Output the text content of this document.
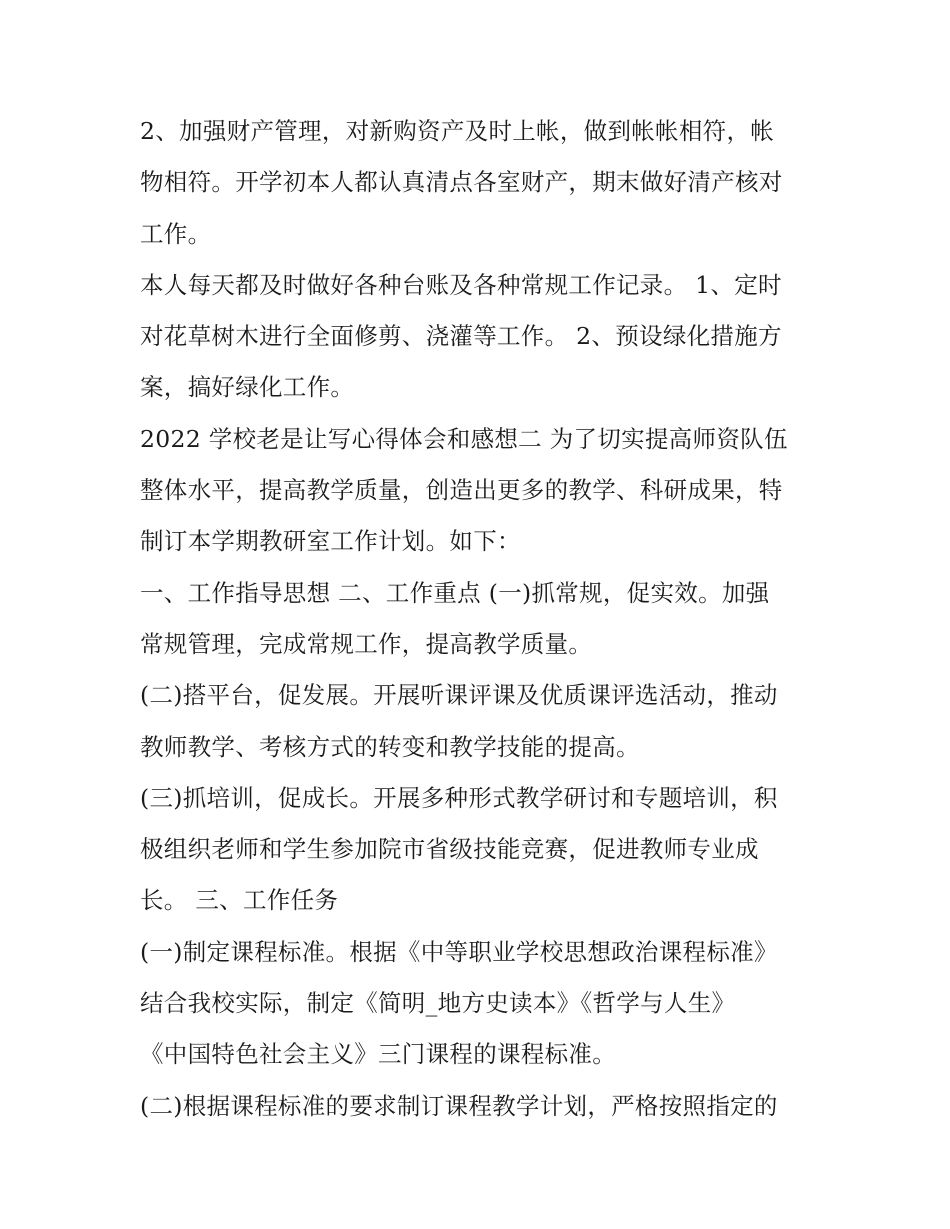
2、加强财产管理，对新购资产及时上帐，做到帐帐相符，帐
物相符。开学初本人都认真清点各室财产，期末做好清产核对
工作。
本人每天都及时做好各种台账及各种常规工作记录。 1、定时
对花草树木进行全面修剪、浇灌等工作。 2、预设绿化措施方
案，搞好绿化工作。
2022 学校老是让写心得体会和感想二 为了切实提高师资队伍
整体水平，提高教学质量，创造出更多的教学、科研成果，特
制订本学期教研室工作计划。如下：
一、工作指导思想 二、工作重点 (一)抓常规，促实效。加强
常规管理，完成常规工作，提高教学质量。
(二)搭平台，促发展。开展听课评课及优质课评选活动，推动
教师教学、考核方式的转变和教学技能的提高。
(三)抓培训，促成长。开展多种形式教学研讨和专题培训，积
极组织老师和学生参加院市省级技能竞赛，促进教师专业成
长。 三、工作任务
(一)制定课程标准。根据《中等职业学校思想政治课程标准》
结合我校实际，制定《简明_地方史读本》《哲学与人生》
《中国特色社会主义》三门课程的课程标准。
(二)根据课程标准的要求制订课程教学计划，严格按照指定的
